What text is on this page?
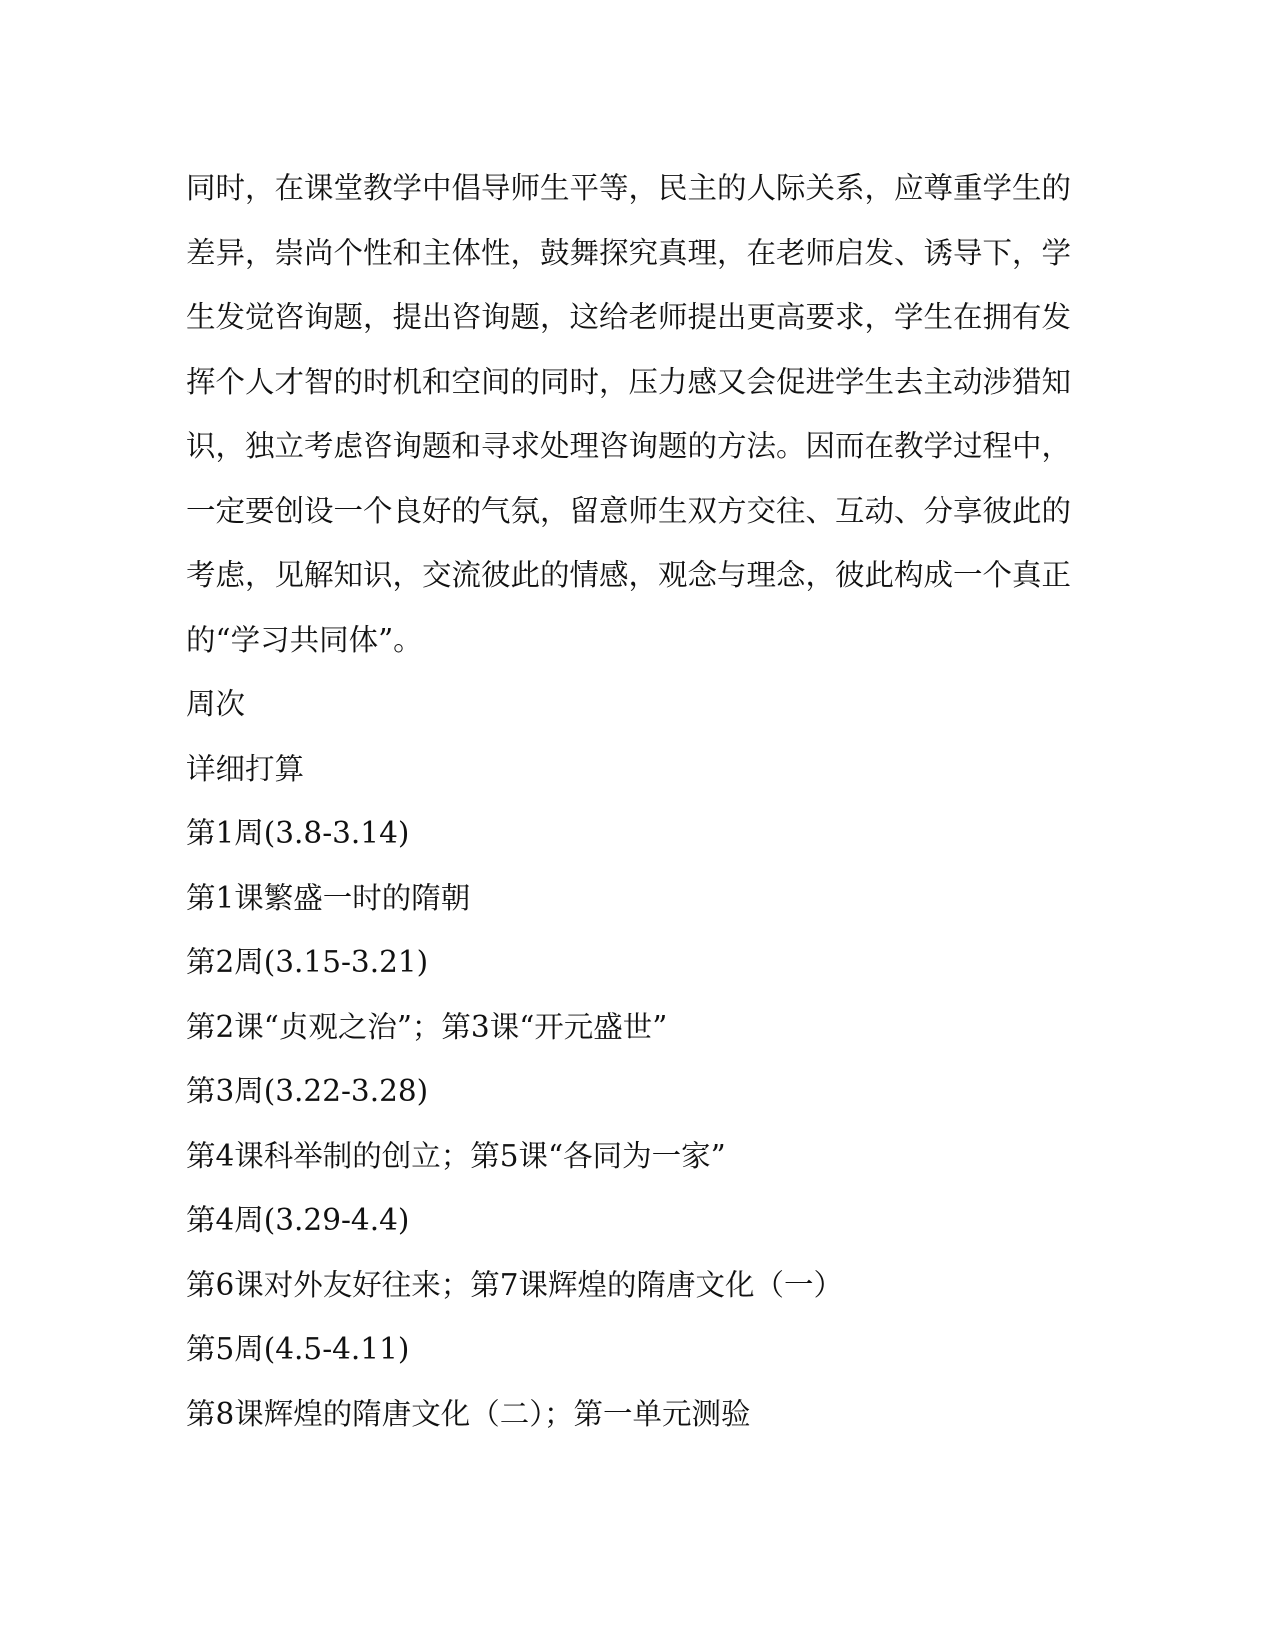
同时，在课堂教学中倡导师生平等，民主的人际关系，应尊重学生的
差异，崇尚个性和主体性，鼓舞探究真理，在老师启发、诱导下，学
生发觉咨询题，提出咨询题，这给老师提出更高要求，学生在拥有发
挥个人才智的时机和空间的同时，压力感又会促进学生去主动涉猎知
识，独立考虑咨询题和寻求处理咨询题的方法。因而在教学过程中，
一定要创设一个良好的气氛，留意师生双方交往、互动、分享彼此的
考虑，见解知识，交流彼此的情感，观念与理念，彼此构成一个真正
的“学习共同体”。
周次
详细打算
第1周(3.8-3.14)
第1课繁盛一时的隋朝
第2周(3.15-3.21)
第2课“贞观之治”；第3课“开元盛世”
第3周(3.22-3.28)
第4课科举制的创立；第5课“各同为一家”
第4周(3.29-4.4)
第6课对外友好往来；第7课辉煌的隋唐文化（一）
第5周(4.5-4.11)
第8课辉煌的隋唐文化（二）；第一单元测验
